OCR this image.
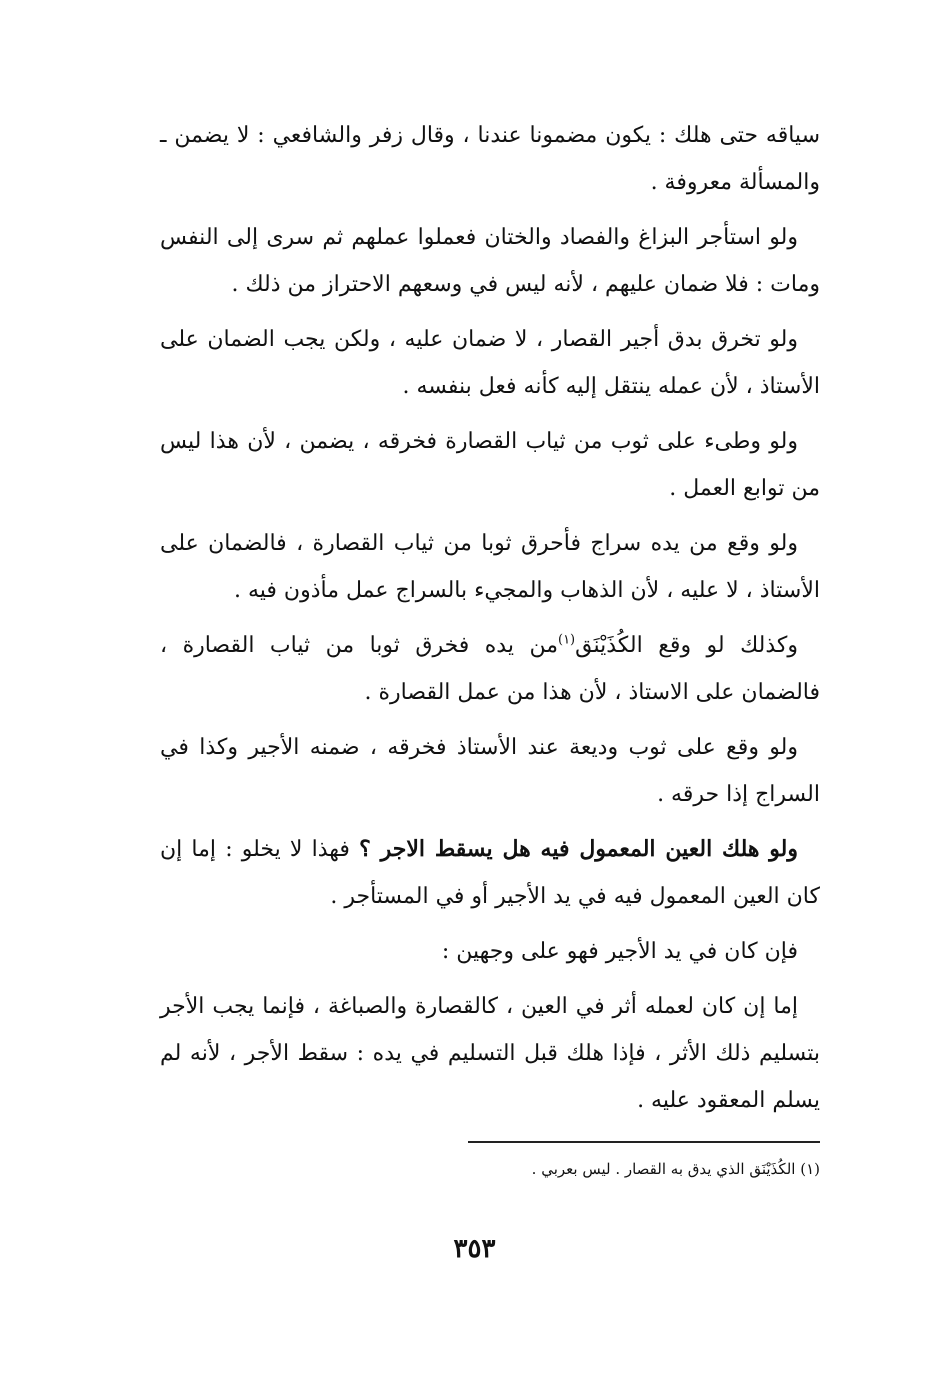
سياقه حتى هلك : يكون مضمونا عندنا ، وقال زفر والشافعي : لا يضمن ـ والمسألة معروفة .

ولو استأجر البزاغ والفصاد والختان فعملوا عملهم ثم سرى إلى النفس ومات : فلا ضمان عليهم ، لأنه ليس في وسعهم الاحتراز من ذلك .

ولو تخرق بدق أجير القصار ، لا ضمان عليه ، ولكن يجب الضمان على الأستاذ ، لأن عمله ينتقل إليه كأنه فعل بنفسه .

ولو وطىء على ثوب من ثياب القصارة فخرقه ، يضمن ، لأن هذا ليس من توابع العمل .

ولو وقع من يده سراج فأحرق ثوبا من ثياب القصارة ، فالضمان على الأستاذ ، لا عليه ، لأن الذهاب والمجيء بالسراج عمل مأذون فيه .

وكذلك لو وقع الكُذَيْنَق$^{(١)}$من يده فخرق ثوبا من ثياب القصارة ، فالضمان على الاستاذ ، لأن هذا من عمل القصارة .

ولو وقع على ثوب وديعة عند الأستاذ فخرقه ، ضمنه الأجير وكذا في السراج إذا حرقه .

ولو هلك العين المعمول فيه هل يسقط الاجر ؟ فهذا لا يخلو : إما إن كان العين المعمول فيه في يد الأجير أو في المستأجر .

فإن كان في يد الأجير فهو على وجهين :

إما إن كان لعمله أثر في العين ، كالقصارة والصباغة ، فإنما يجب الأجر بتسليم ذلك الأثر ، فإذا هلك قبل التسليم في يده : سقط الأجر ، لأنه لم يسلم المعقود عليه .

(١) الكُذَيْنَق الذي يدق به القصار . ليس بعربي .
٣٥٣
